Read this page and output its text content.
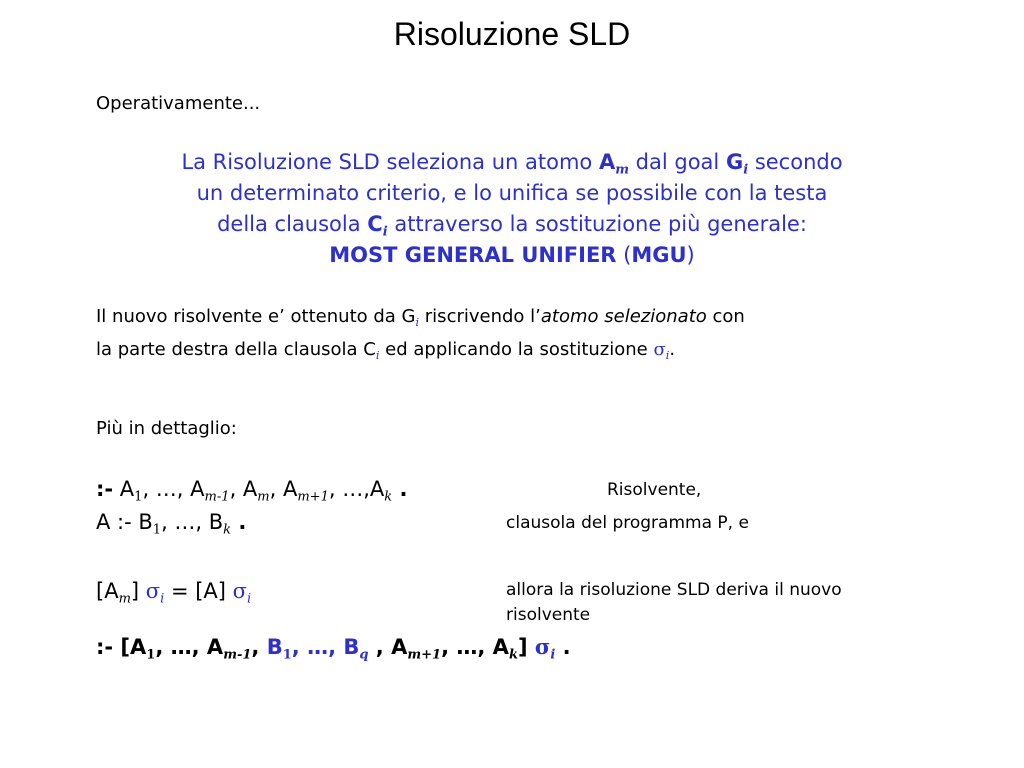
Risoluzione SLD
Operativamente...
La Risoluzione SLD seleziona un atomo $A_m$ dal goal $G_i$ secondo
un determinato criterio, e lo unifica se possibile con la testa
della clausola $C_i$ attraverso la sostituzione più generale:
MOST GENERAL UNIFIER (MGU)
Il nuovo risolvente e’ ottenuto da $G_i$ riscrivendo l’atomo selezionato con
la parte destra della clausola $C_i$ ed applicando la sostituzione $\sigma_i$.
Più in dettaglio:
:- $A_1$, …, $A_{m-1}$, $A_m$, $A_{m+1}$, $\dots,A_k$ .	Risolvente,
A :- $B_1$, …, $B_k$ .	clausola del programma P, e
$[A_m] \sigma_i = [A]$ $\sigma_i$	allora la risoluzione SLD deriva il nuovo
risolvente
:- [$A_1$, …, $A_{m-1}$, $B_1$, …, $B_q$ , $A_{m+1}$, …, $A_k$] $\sigma_i$ .
